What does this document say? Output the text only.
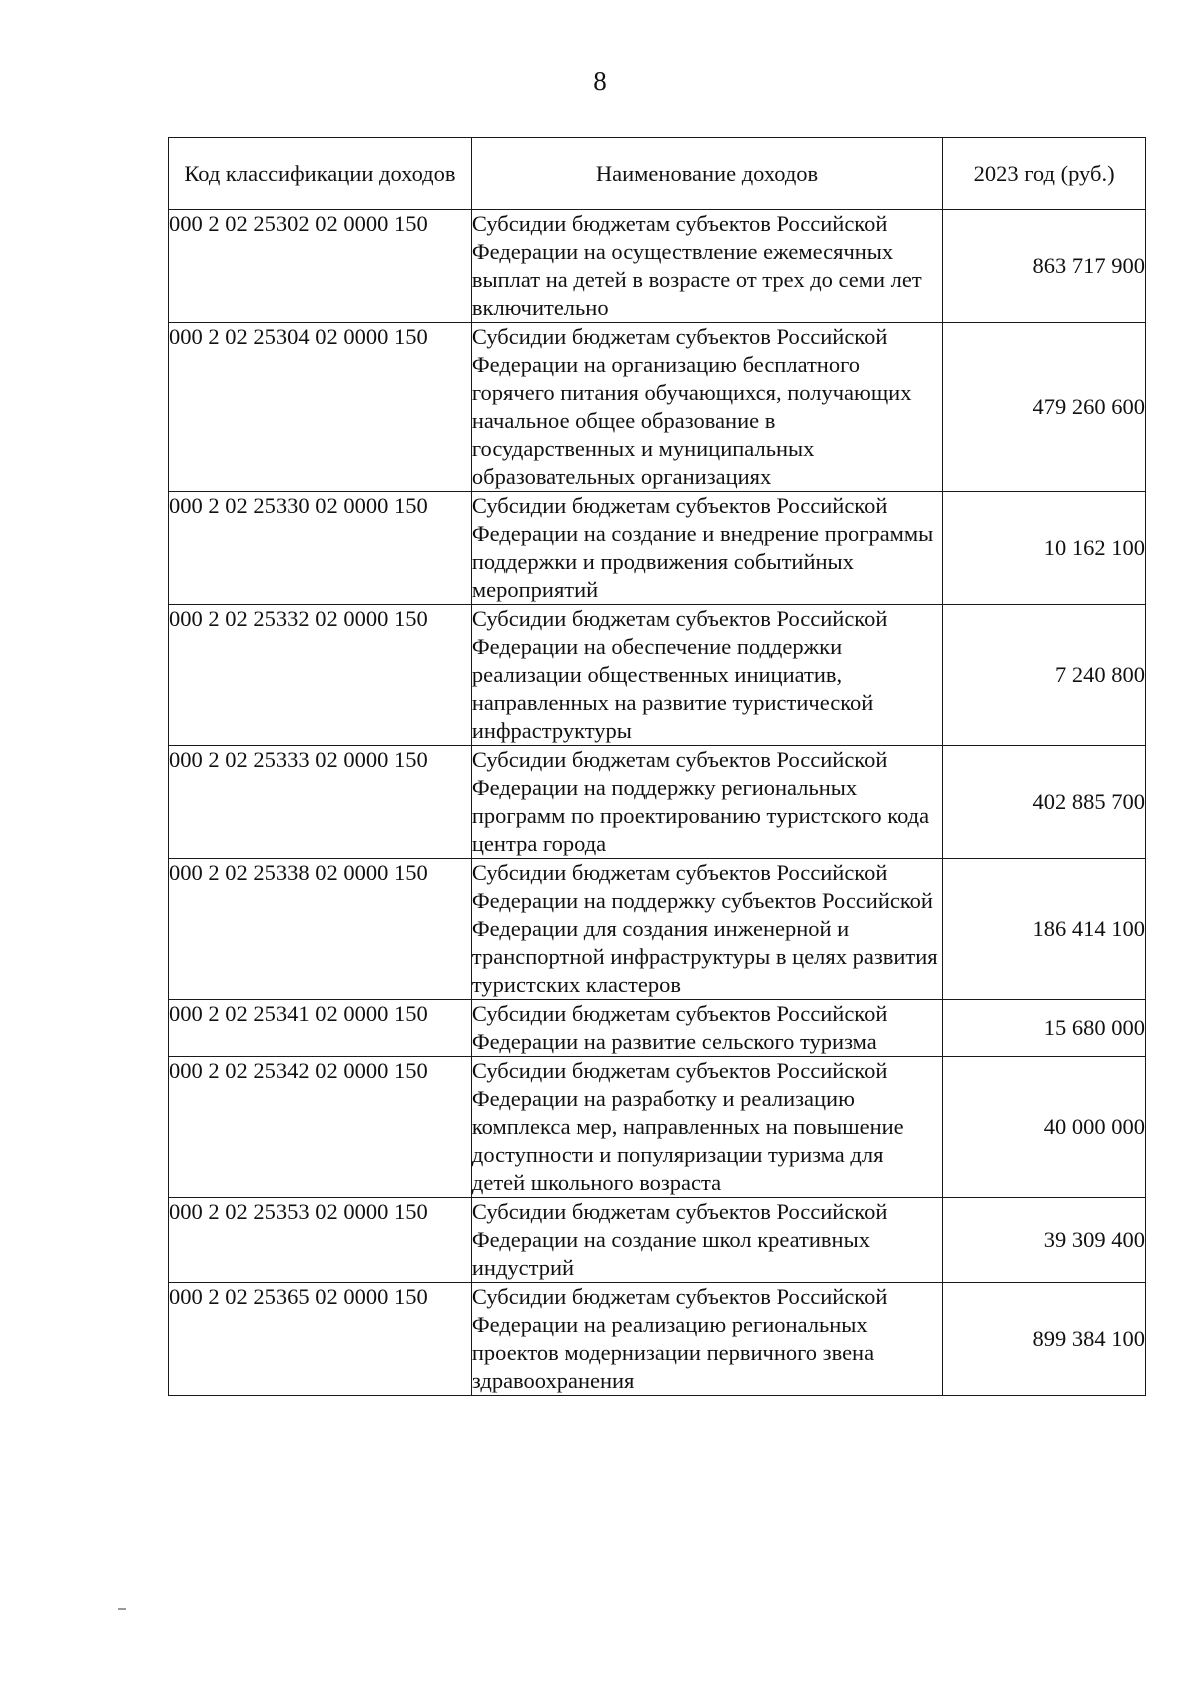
8
Код классификации доходов	Наименование доходов	2023 год (руб.)
000 2 02 25302 02 0000 150	Субсидии бюджетам субъектов Российской Федерации на осуществление ежемесячных выплат на детей в возрасте от трех до семи лет включительно	863 717 900
000 2 02 25304 02 0000 150	Субсидии бюджетам субъектов Российской Федерации на организацию бесплатного горячего питания обучающихся, получающих начальное общее образование в государственных и муниципальных образовательных организациях	479 260 600
000 2 02 25330 02 0000 150	Субсидии бюджетам субъектов Российской Федерации на создание и внедрение программы поддержки и продвижения событийных мероприятий	10 162 100
000 2 02 25332 02 0000 150	Субсидии бюджетам субъектов Российской Федерации на обеспечение поддержки реализации общественных инициатив, направленных на развитие туристической инфраструктуры	7 240 800
000 2 02 25333 02 0000 150	Субсидии бюджетам субъектов Российской Федерации на поддержку региональных программ по проектированию туристского кода центра города	402 885 700
000 2 02 25338 02 0000 150	Субсидии бюджетам субъектов Российской Федерации на поддержку субъектов Российской Федерации для создания инженерной и транспортной инфраструктуры в целях развития туристских кластеров	186 414 100
000 2 02 25341 02 0000 150	Субсидии бюджетам субъектов Российской Федерации на развитие сельского туризма	15 680 000
000 2 02 25342 02 0000 150	Субсидии бюджетам субъектов Российской Федерации на разработку и реализацию комплекса мер, направленных на повышение доступности и популяризации туризма для детей школьного возраста	40 000 000
000 2 02 25353 02 0000 150	Субсидии бюджетам субъектов Российской Федерации на создание школ креативных индустрий	39 309 400
000 2 02 25365 02 0000 150	Субсидии бюджетам субъектов Российской Федерации на реализацию региональных проектов модернизации первичного звена здравоохранения	899 384 100
